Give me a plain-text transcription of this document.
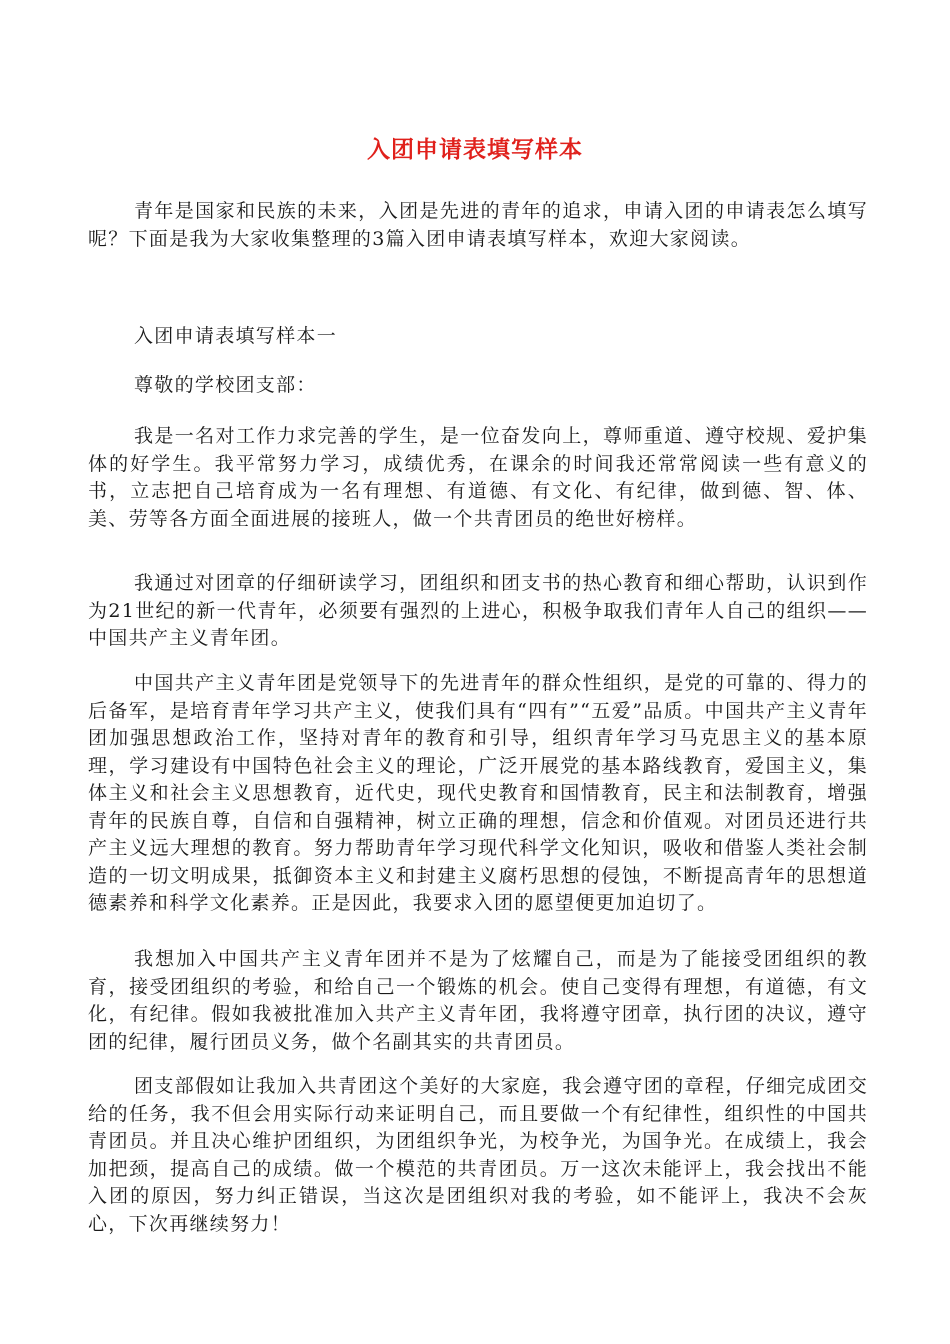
入团申请表填写样本

青年是国家和民族的未来，入团是先进的青年的追求，申请入团的申请表怎么填写呢？下面是我为大家收集整理的3篇入团申请表填写样本，欢迎大家阅读。

入团申请表填写样本一

尊敬的学校团支部：

我是一名对工作力求完善的学生，是一位奋发向上，尊师重道、遵守校规、爱护集体的好学生。我平常努力学习，成绩优秀，在课余的时间我还常常阅读一些有意义的书，立志把自己培育成为一名有理想、有道德、有文化、有纪律，做到德、智、体、美、劳等各方面全面进展的接班人，做一个共青团员的绝世好榜样。

我通过对团章的仔细研读学习，团组织和团支书的热心教育和细心帮助，认识到作为21世纪的新一代青年，必须要有强烈的上进心，积极争取我们青年人自己的组织——中国共产主义青年团。

中国共产主义青年团是党领导下的先进青年的群众性组织，是党的可靠的、得力的后备军，是培育青年学习共产主义，使我们具有“四有”“五爱”品质。中国共产主义青年团加强思想政治工作，坚持对青年的教育和引导，组织青年学习马克思主义的基本原理，学习建设有中国特色社会主义的理论，广泛开展党的基本路线教育，爱国主义，集体主义和社会主义思想教育，近代史，现代史教育和国情教育，民主和法制教育，增强青年的民族自尊，自信和自强精神，树立正确的理想，信念和价值观。对团员还进行共产主义远大理想的教育。努力帮助青年学习现代科学文化知识，吸收和借鉴人类社会制造的一切文明成果，抵御资本主义和封建主义腐朽思想的侵蚀，不断提高青年的思想道德素养和科学文化素养。正是因此，我要求入团的愿望便更加迫切了。

我想加入中国共产主义青年团并不是为了炫耀自己，而是为了能接受团组织的教育，接受团组织的考验，和给自己一个锻炼的机会。使自己变得有理想，有道德，有文化，有纪律。假如我被批准加入共产主义青年团，我将遵守团章，执行团的决议，遵守团的纪律，履行团员义务，做个名副其实的共青团员。

团支部假如让我加入共青团这个美好的大家庭，我会遵守团的章程，仔细完成团交给的任务，我不但会用实际行动来证明自己，而且要做一个有纪律性，组织性的中国共青团员。并且决心维护团组织，为团组织争光，为校争光，为国争光。在成绩上，我会加把颈，提高自己的成绩。做一个模范的共青团员。万一这次未能评上，我会找出不能入团的原因，努力纠正错误，当这次是团组织对我的考验，如不能评上，我决不会灰心，下次再继续努力！
